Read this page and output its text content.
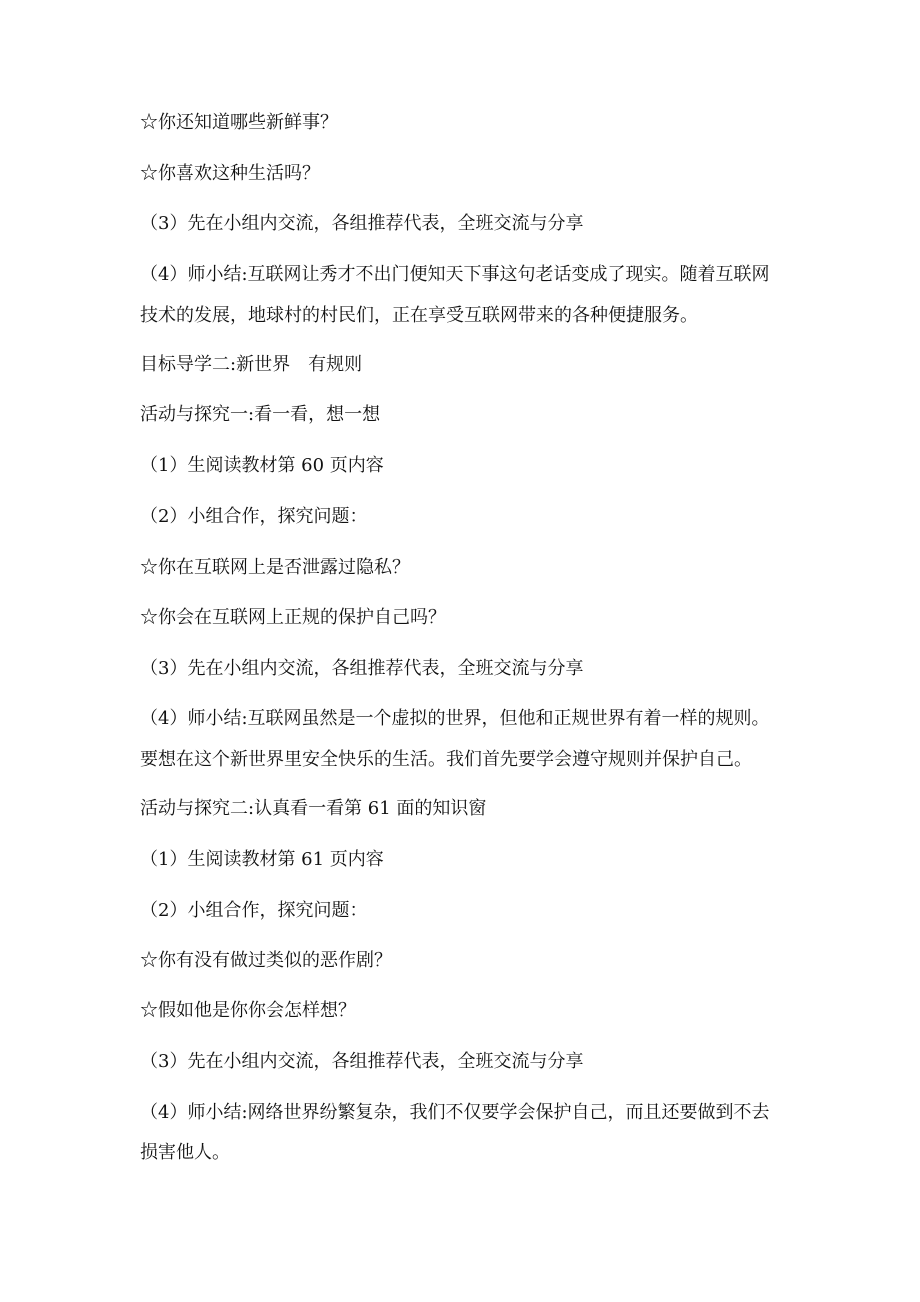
☆你还知道哪些新鲜事？
☆你喜欢这种生活吗？
（3）先在小组内交流，各组推荐代表，全班交流与分享
（4）师小结:互联网让秀才不出门便知天下事这句老话变成了现实。随着互联网
技术的发展，地球村的村民们，正在享受互联网带来的各种便捷服务。
目标导学二:新世界　有规则
活动与探究一:看一看，想一想
（1）生阅读教材第 60 页内容
（2）小组合作，探究问题：
☆你在互联网上是否泄露过隐私？
☆你会在互联网上正规的保护自己吗？
（3）先在小组内交流，各组推荐代表，全班交流与分享
（4）师小结:互联网虽然是一个虚拟的世界，但他和正规世界有着一样的规则。
要想在这个新世界里安全快乐的生活。我们首先要学会遵守规则并保护自己。
活动与探究二:认真看一看第 61 面的知识窗
（1）生阅读教材第 61 页内容
（2）小组合作，探究问题：
☆你有没有做过类似的恶作剧？
☆假如他是你你会怎样想？
（3）先在小组内交流，各组推荐代表，全班交流与分享
（4）师小结:网络世界纷繁复杂，我们不仅要学会保护自己，而且还要做到不去
损害他人。
